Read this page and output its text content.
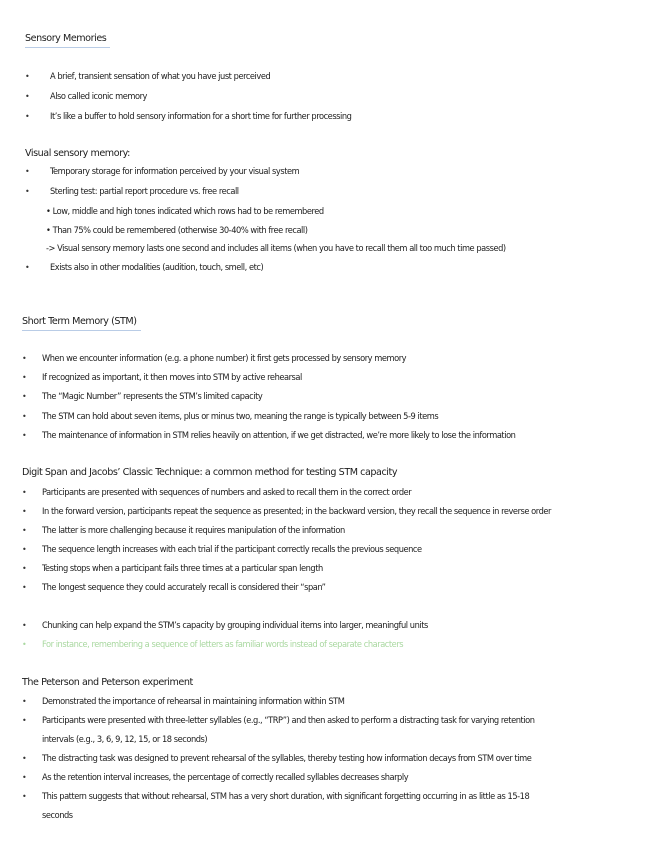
Sensory Memories
• A brief, transient sensation of what you have just perceived
• Also called iconic memory
• It’s like a buffer to hold sensory information for a short time for further processing
Visual sensory memory:
• Temporary storage for information perceived by your visual system
• Sterling test: partial report procedure vs. free recall
• Low, middle and high tones indicated which rows had to be remembered
• Than 75% could be remembered (otherwise 30-40% with free recall)
-> Visual sensory memory lasts one second and includes all items (when you have to recall them all too much time passed)
• Exists also in other modalities (audition, touch, smell, etc)
Short Term Memory (STM)
• When we encounter information (e.g. a phone number) it first gets processed by sensory memory
• If recognized as important, it then moves into STM by active rehearsal
• The “Magic Number” represents the STM’s limited capacity
• The STM can hold about seven items, plus or minus two, meaning the range is typically between 5-9 items
• The maintenance of information in STM relies heavily on attention, if we get distracted, we’re more likely to lose the information
Digit Span and Jacobs’ Classic Technique: a common method for testing STM capacity
• Participants are presented with sequences of numbers and asked to recall them in the correct order
• In the forward version, participants repeat the sequence as presented; in the backward version, they recall the sequence in reverse order
• The latter is more challenging because it requires manipulation of the information
• The sequence length increases with each trial if the participant correctly recalls the previous sequence
• Testing stops when a participant fails three times at a particular span length
• The longest sequence they could accurately recall is considered their “span”
• Chunking can help expand the STM’s capacity by grouping individual items into larger, meaningful units
• For instance, remembering a sequence of letters as familiar words instead of separate characters
The Peterson and Peterson experiment
• Demonstrated the importance of rehearsal in maintaining information within STM
• Participants were presented with three-letter syllables (e.g., “TRP”) and then asked to perform a distracting task for varying retention
intervals (e.g., 3, 6, 9, 12, 15, or 18 seconds)
• The distracting task was designed to prevent rehearsal of the syllables, thereby testing how information decays from STM over time
• As the retention interval increases, the percentage of correctly recalled syllables decreases sharply
• This pattern suggests that without rehearsal, STM has a very short duration, with significant forgetting occurring in as little as 15-18
seconds
